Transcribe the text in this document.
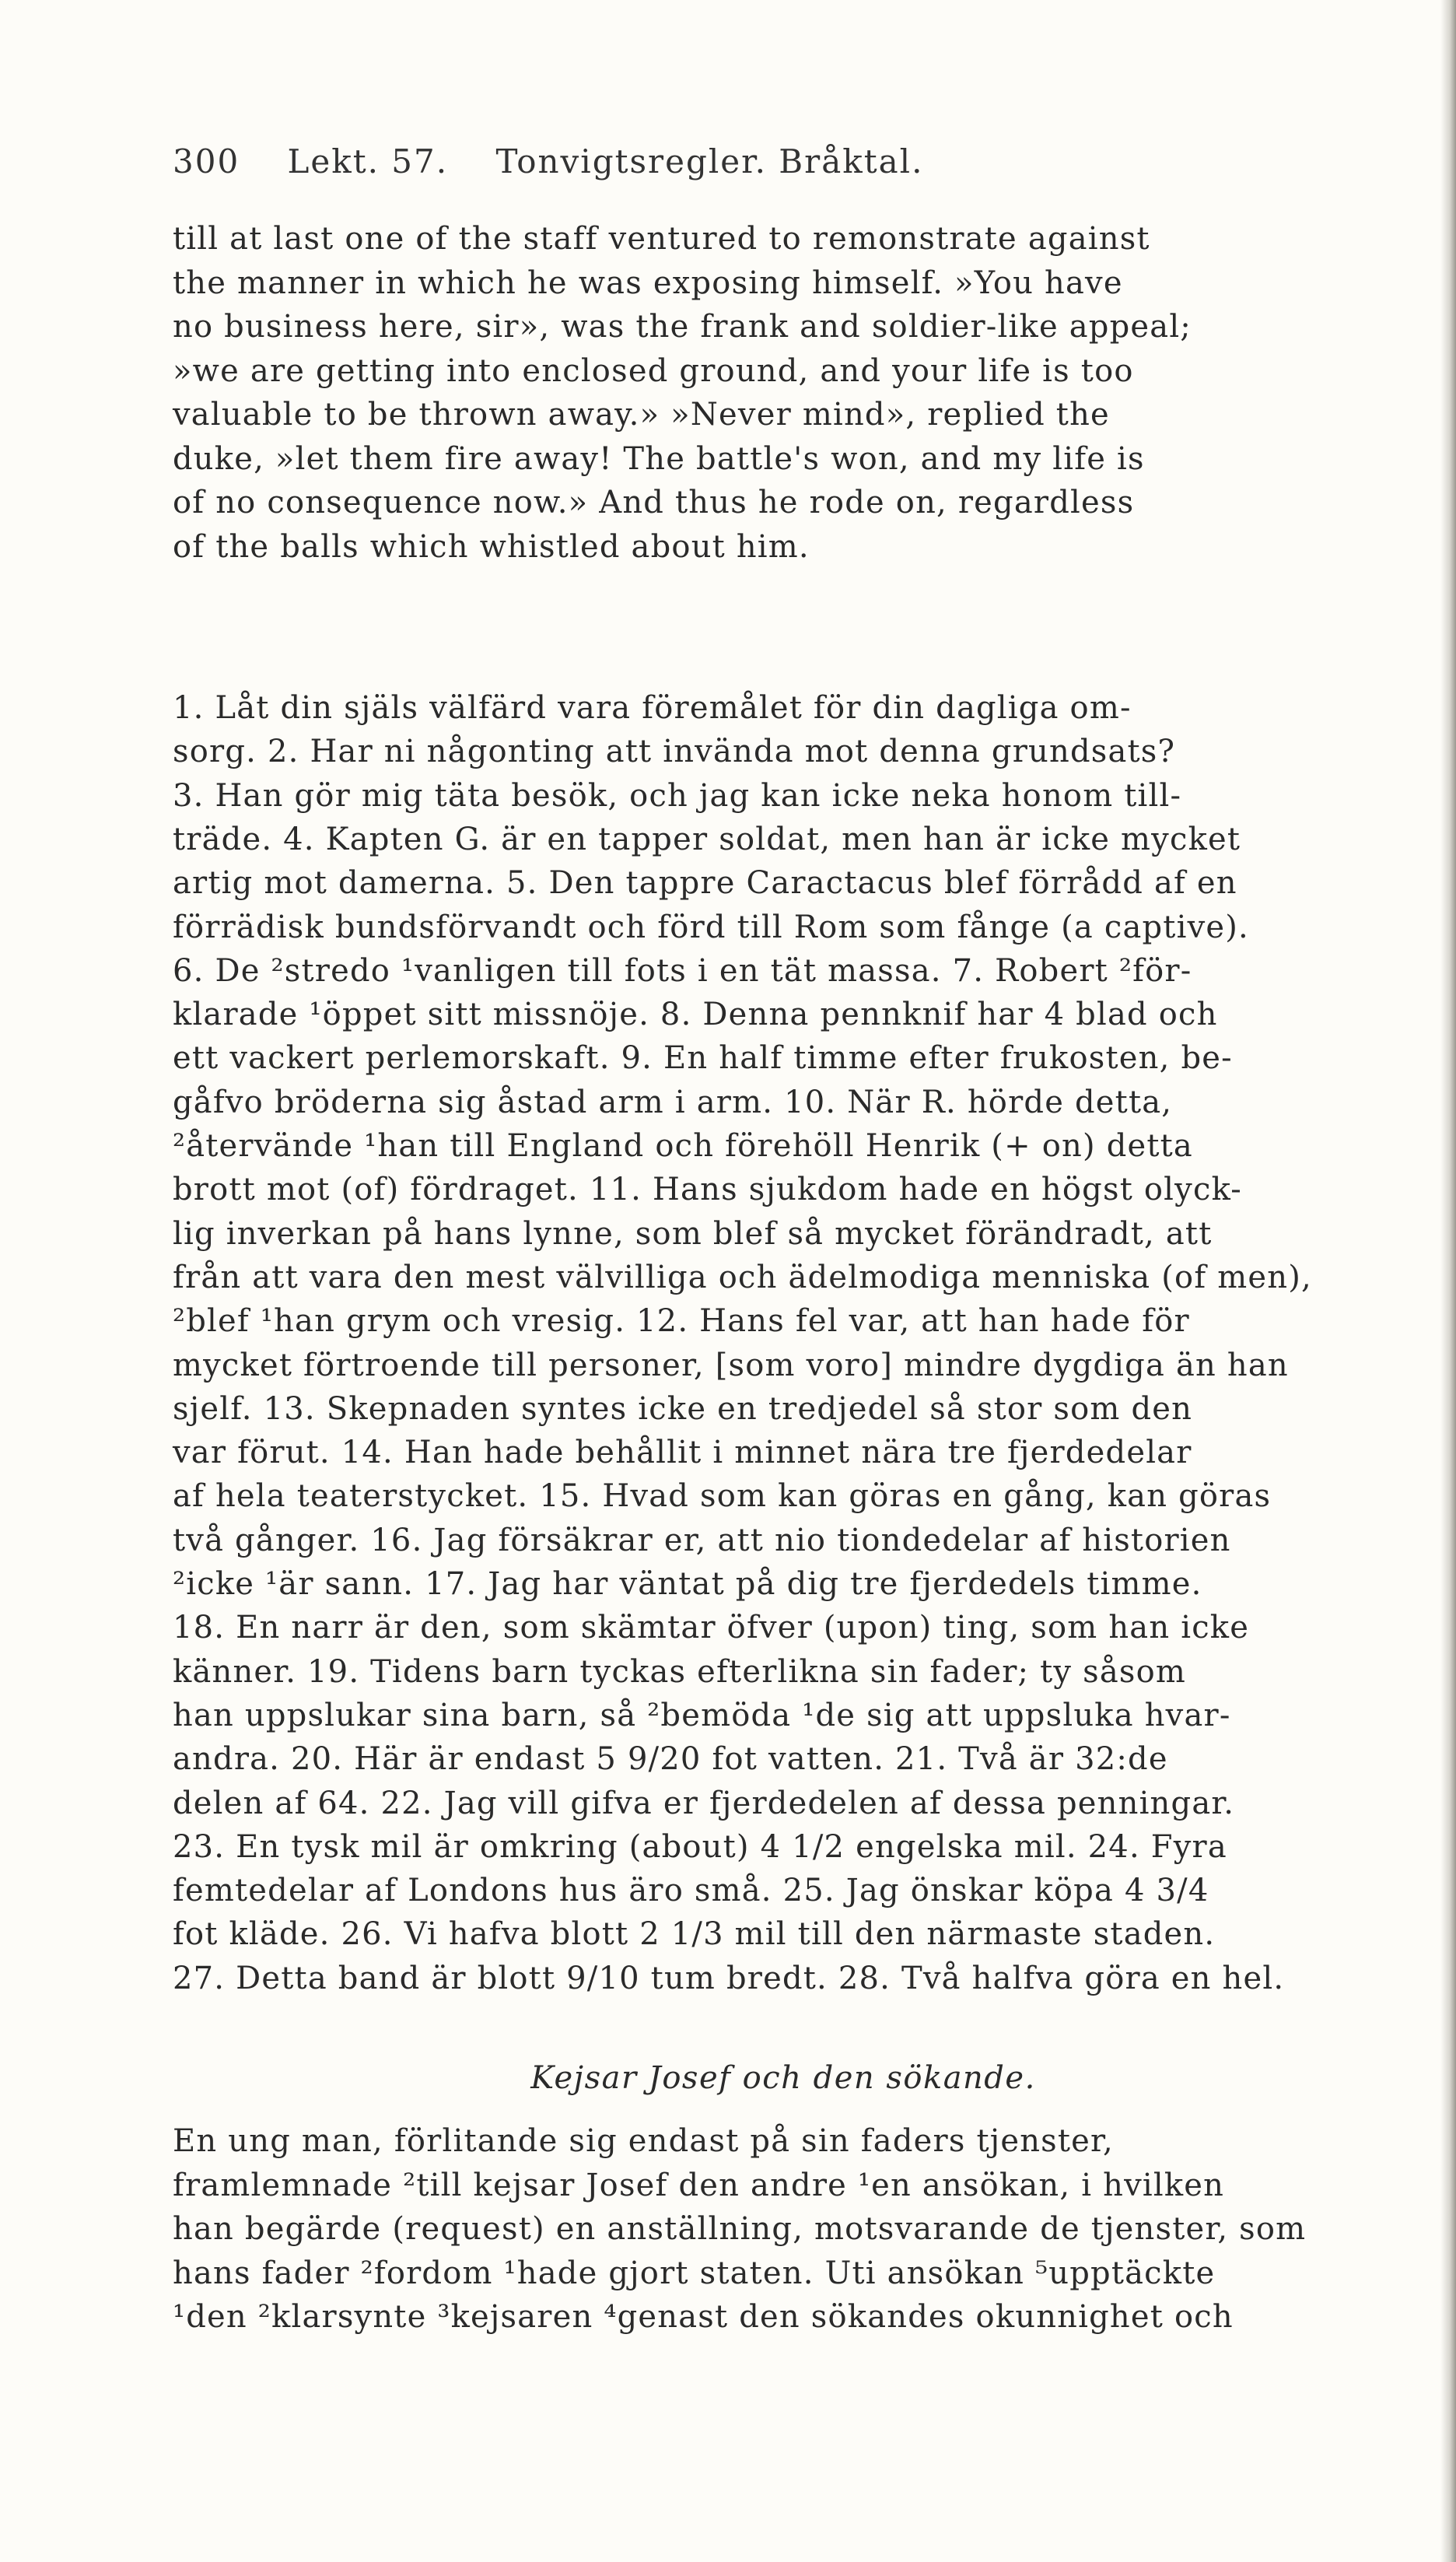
300 Lekt. 57. Tonvigtsregler. Bråktal.
till at last one of the staff ventured to remonstrate against
the manner in which he was exposing himself. »You have
no business here, sir», was the frank and soldier-like appeal;
»we are getting into enclosed ground, and your life is too
valuable to be thrown away.» »Never mind», replied the
duke, »let them fire away! The battle's won, and my life is
of no consequence now.» And thus he rode on, regardless
of the balls which whistled about him.
1. Låt din själs välfärd vara föremålet för din dagliga om-
sorg. 2. Har ni någonting att invända mot denna grundsats?
3. Han gör mig täta besök, och jag kan icke neka honom till-
träde. 4. Kapten G. är en tapper soldat, men han är icke mycket
artig mot damerna. 5. Den tappre Caractacus blef förrådd af en
förrädisk bundsförvandt och förd till Rom som fånge (a captive).
6. De ²stredo ¹vanligen till fots i en tät massa. 7. Robert ²för-
klarade ¹öppet sitt missnöje. 8. Denna pennknif har 4 blad och
ett vackert perlemorskaft. 9. En half timme efter frukosten, be-
gåfvo bröderna sig åstad arm i arm. 10. När R. hörde detta,
²återvände ¹han till England och förehöll Henrik (+ on) detta
brott mot (of) fördraget. 11. Hans sjukdom hade en högst olyck-
lig inverkan på hans lynne, som blef så mycket förändradt, att
från att vara den mest välvilliga och ädelmodiga menniska (of men),
²blef ¹han grym och vresig. 12. Hans fel var, att han hade för
mycket förtroende till personer, [som voro] mindre dygdiga än han
sjelf. 13. Skepnaden syntes icke en tredjedel så stor som den
var förut. 14. Han hade behållit i minnet nära tre fjerdedelar
af hela teaterstycket. 15. Hvad som kan göras en gång, kan göras
två gånger. 16. Jag försäkrar er, att nio tiondedelar af historien
²icke ¹är sann. 17. Jag har väntat på dig tre fjerdedels timme.
18. En narr är den, som skämtar öfver (upon) ting, som han icke
känner. 19. Tidens barn tyckas efterlikna sin fader; ty såsom
han uppslukar sina barn, så ²bemöda ¹de sig att uppsluka hvar-
andra. 20. Här är endast 5 9/20 fot vatten. 21. Två är 32:de
delen af 64. 22. Jag vill gifva er fjerdedelen af dessa penningar.
23. En tysk mil är omkring (about) 4 1/2 engelska mil. 24. Fyra
femtedelar af Londons hus äro små. 25. Jag önskar köpa 4 3/4
fot kläde. 26. Vi hafva blott 2 1/3 mil till den närmaste staden.
27. Detta band är blott 9/10 tum bredt. 28. Två halfva göra en hel.
Kejsar Josef och den sökande.
En ung man, förlitande sig endast på sin faders tjenster,
framlemnade ²till kejsar Josef den andre ¹en ansökan, i hvilken
han begärde (request) en anställning, motsvarande de tjenster, som
hans fader ²fordom ¹hade gjort staten. Uti ansökan ⁵upptäckte
¹den ²klarsynte ³kejsaren ⁴genast den sökandes okunnighet och
